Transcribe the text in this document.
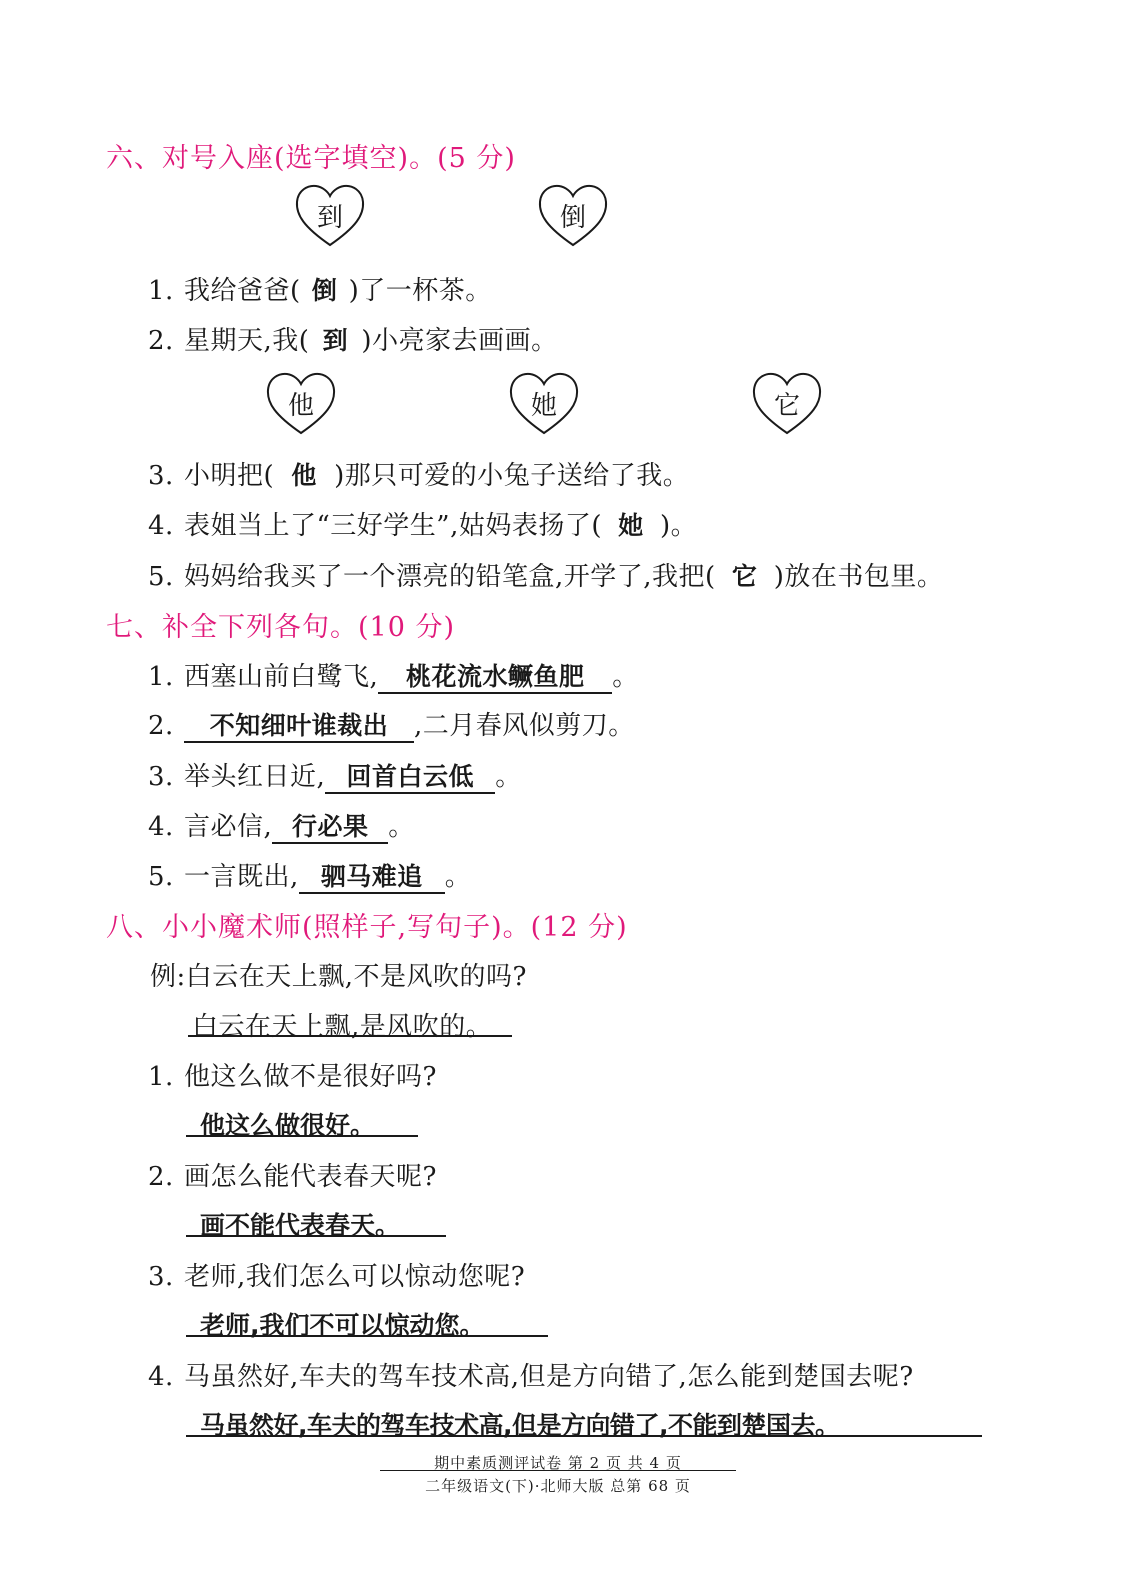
六、对号入座(选字填空)。(5 分)
到	倒
1. 我给爸爸( 倒 )了一杯茶。
2. 星期天,我( 到 )小亮家去画画。
他	她	它
3. 小明把( 他 )那只可爱的小兔子送给了我。
4. 表姐当上了“三好学生”,姑妈表扬了( 她 )。
5. 妈妈给我买了一个漂亮的铅笔盒,开学了,我把( 它 )放在书包里。
七、补全下列各句。(10 分)
1. 西塞山前白鹭飞, 桃花流水鳜鱼肥 。
2. 不知细叶谁裁出 ,二月春风似剪刀。
3. 举头红日近, 回首白云低 。
4. 言必信, 行必果 。
5. 一言既出, 驷马难追 。
八、小小魔术师(照样子,写句子)。(12 分)
例:白云在天上飘,不是风吹的吗?
白云在天上飘,是风吹的。
1. 他这么做不是很好吗?
他这么做很好。
2. 画怎么能代表春天呢?
画不能代表春天。
3. 老师,我们怎么可以惊动您呢?
老师,我们不可以惊动您。
4. 马虽然好,车夫的驾车技术高,但是方向错了,怎么能到楚国去呢?
马虽然好,车夫的驾车技术高,但是方向错了,不能到楚国去。
期中素质测评试卷 第 2 页 共 4 页
二年级语文(下)·北师大版 总第 68 页
